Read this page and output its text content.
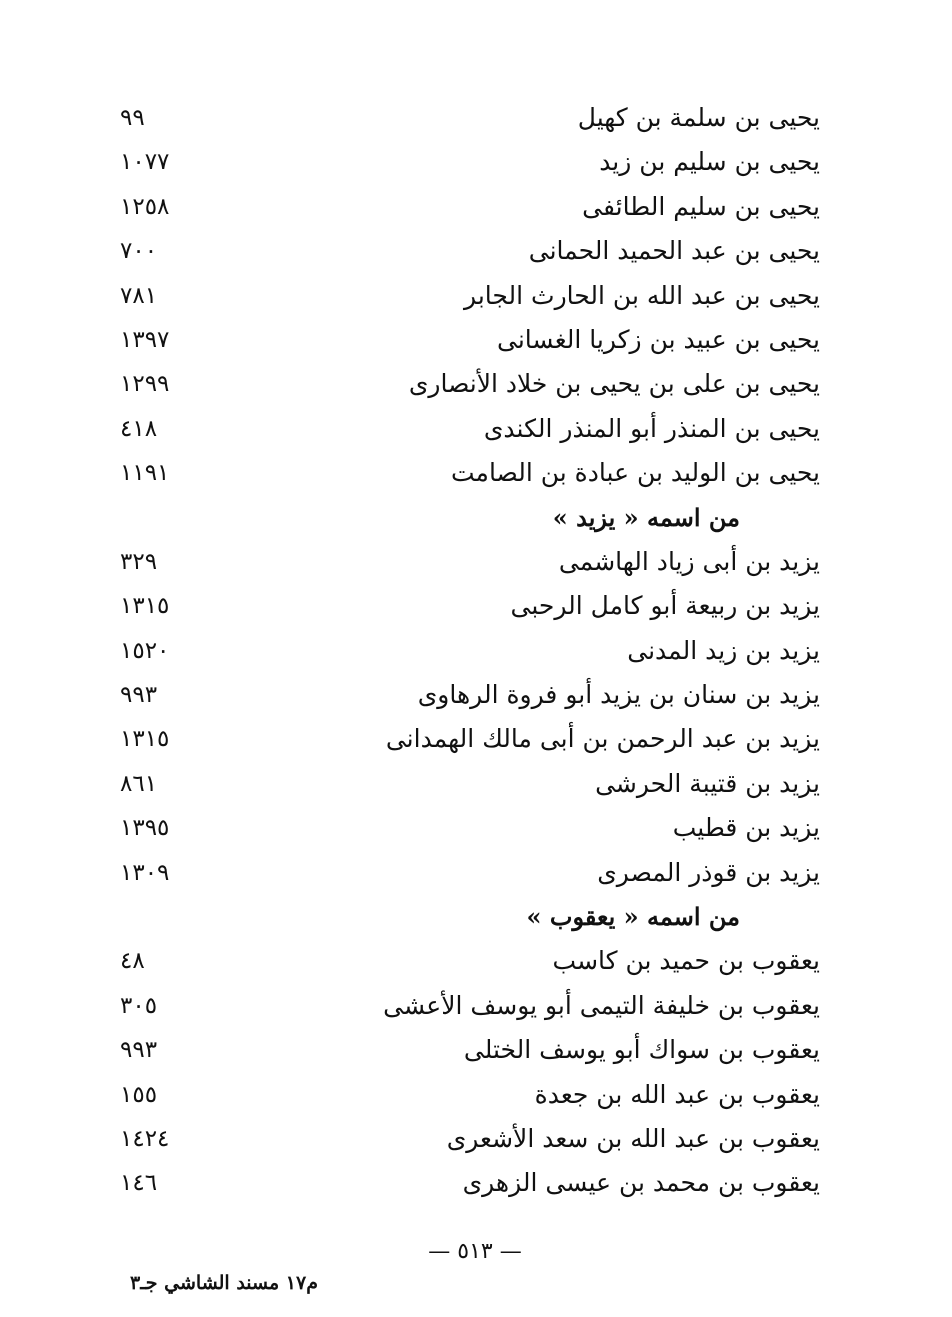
يحيى بن سلمة بن كهيل
٩٩
يحيى بن سليم بن زيد
١٠٧٧
يحيى بن سليم الطائفى
١٢٥٨
يحيى بن عبد الحميد الحمانى
٧٠٠
يحيى بن عبد الله بن الحارث الجابر
٧٨١
يحيى بن عبيد بن زكريا الغسانى
١٣٩٧
يحيى بن على بن يحيى بن خلاد الأنصارى
١٢٩٩
يحيى بن المنذر أبو المنذر الكندى
٤١٨
يحيى بن الوليد بن عبادة بن الصامت
١١٩١
من اسمه « يزيد »
يزيد بن أبى زياد الهاشمى
٣٢٩
يزيد بن ربيعة أبو كامل الرحبى
١٣١٥
يزيد بن زيد المدنى
١٥٢٠
يزيد بن سنان بن يزيد أبو فروة الرهاوى
٩٩٣
يزيد بن عبد الرحمن بن أبى مالك الهمدانى
١٣١٥
يزيد بن قتيبة الحرشى
٨٦١
يزيد بن قطيب
١٣٩٥
يزيد بن قوذر المصرى
١٣٠٩
من اسمه « يعقوب »
يعقوب بن حميد بن كاسب
٤٨
يعقوب بن خليفة التيمى أبو يوسف الأعشى
٣٠٥
يعقوب بن سواك أبو يوسف الختلى
٩٩٣
يعقوب بن عبد الله بن جعدة
١٥٥
يعقوب بن عبد الله بن سعد الأشعرى
١٤٢٤
يعقوب بن محمد بن عيسى الزهرى
١٤٦
— ٥١٣ —
م١٧ مسند الشاشي جـ٣
